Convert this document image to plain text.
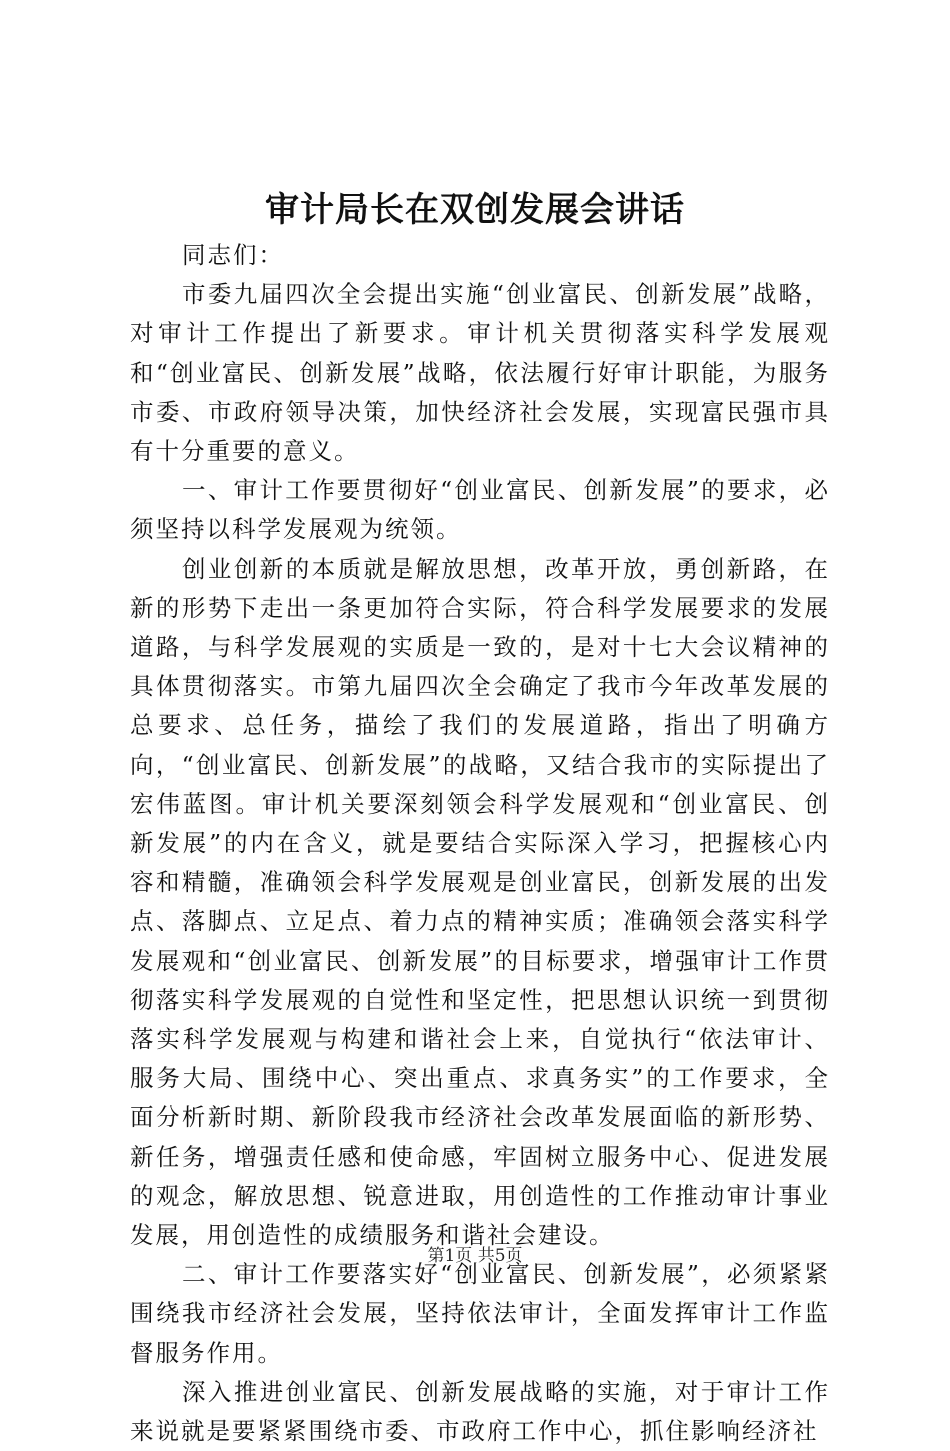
审计局长在双创发展会讲话

同志们：

市委九届四次全会提出实施“创业富民、创新发展”战略，对审计工作提出了新要求。审计机关贯彻落实科学发展观和“创业富民、创新发展”战略，依法履行好审计职能，为服务市委、市政府领导决策，加快经济社会发展，实现富民强市具有十分重要的意义。

一、审计工作要贯彻好“创业富民、创新发展”的要求，必须坚持以科学发展观为统领。

创业创新的本质就是解放思想，改革开放，勇创新路，在新的形势下走出一条更加符合实际，符合科学发展要求的发展道路，与科学发展观的实质是一致的，是对十七大会议精神的具体贯彻落实。市第九届四次全会确定了我市今年改革发展的总要求、总任务，描绘了我们的发展道路，指出了明确方向，“创业富民、创新发展”的战略，又结合我市的实际提出了宏伟蓝图。审计机关要深刻领会科学发展观和“创业富民、创新发展”的内在含义，就是要结合实际深入学习，把握核心内容和精髓，准确领会科学发展观是创业富民，创新发展的出发点、落脚点、立足点、着力点的精神实质；准确领会落实科学发展观和“创业富民、创新发展”的目标要求，增强审计工作贯彻落实科学发展观的自觉性和坚定性，把思想认识统一到贯彻落实科学发展观与构建和谐社会上来，自觉执行“依法审计、服务大局、围绕中心、突出重点、求真务实”的工作要求，全面分析新时期、新阶段我市经济社会改革发展面临的新形势、新任务，增强责任感和使命感，牢固树立服务中心、促进发展的观念，解放思想、锐意进取，用创造性的工作推动审计事业发展，用创造性的成绩服务和谐社会建设。

二、审计工作要落实好“创业富民、创新发展”，必须紧紧围绕我市经济社会发展，坚持依法审计，全面发挥审计工作监督服务作用。

深入推进创业富民、创新发展战略的实施，对于审计工作来说就是要紧紧围绕市委、市政府工作中心，抓住影响经济社

第1页 共5页
